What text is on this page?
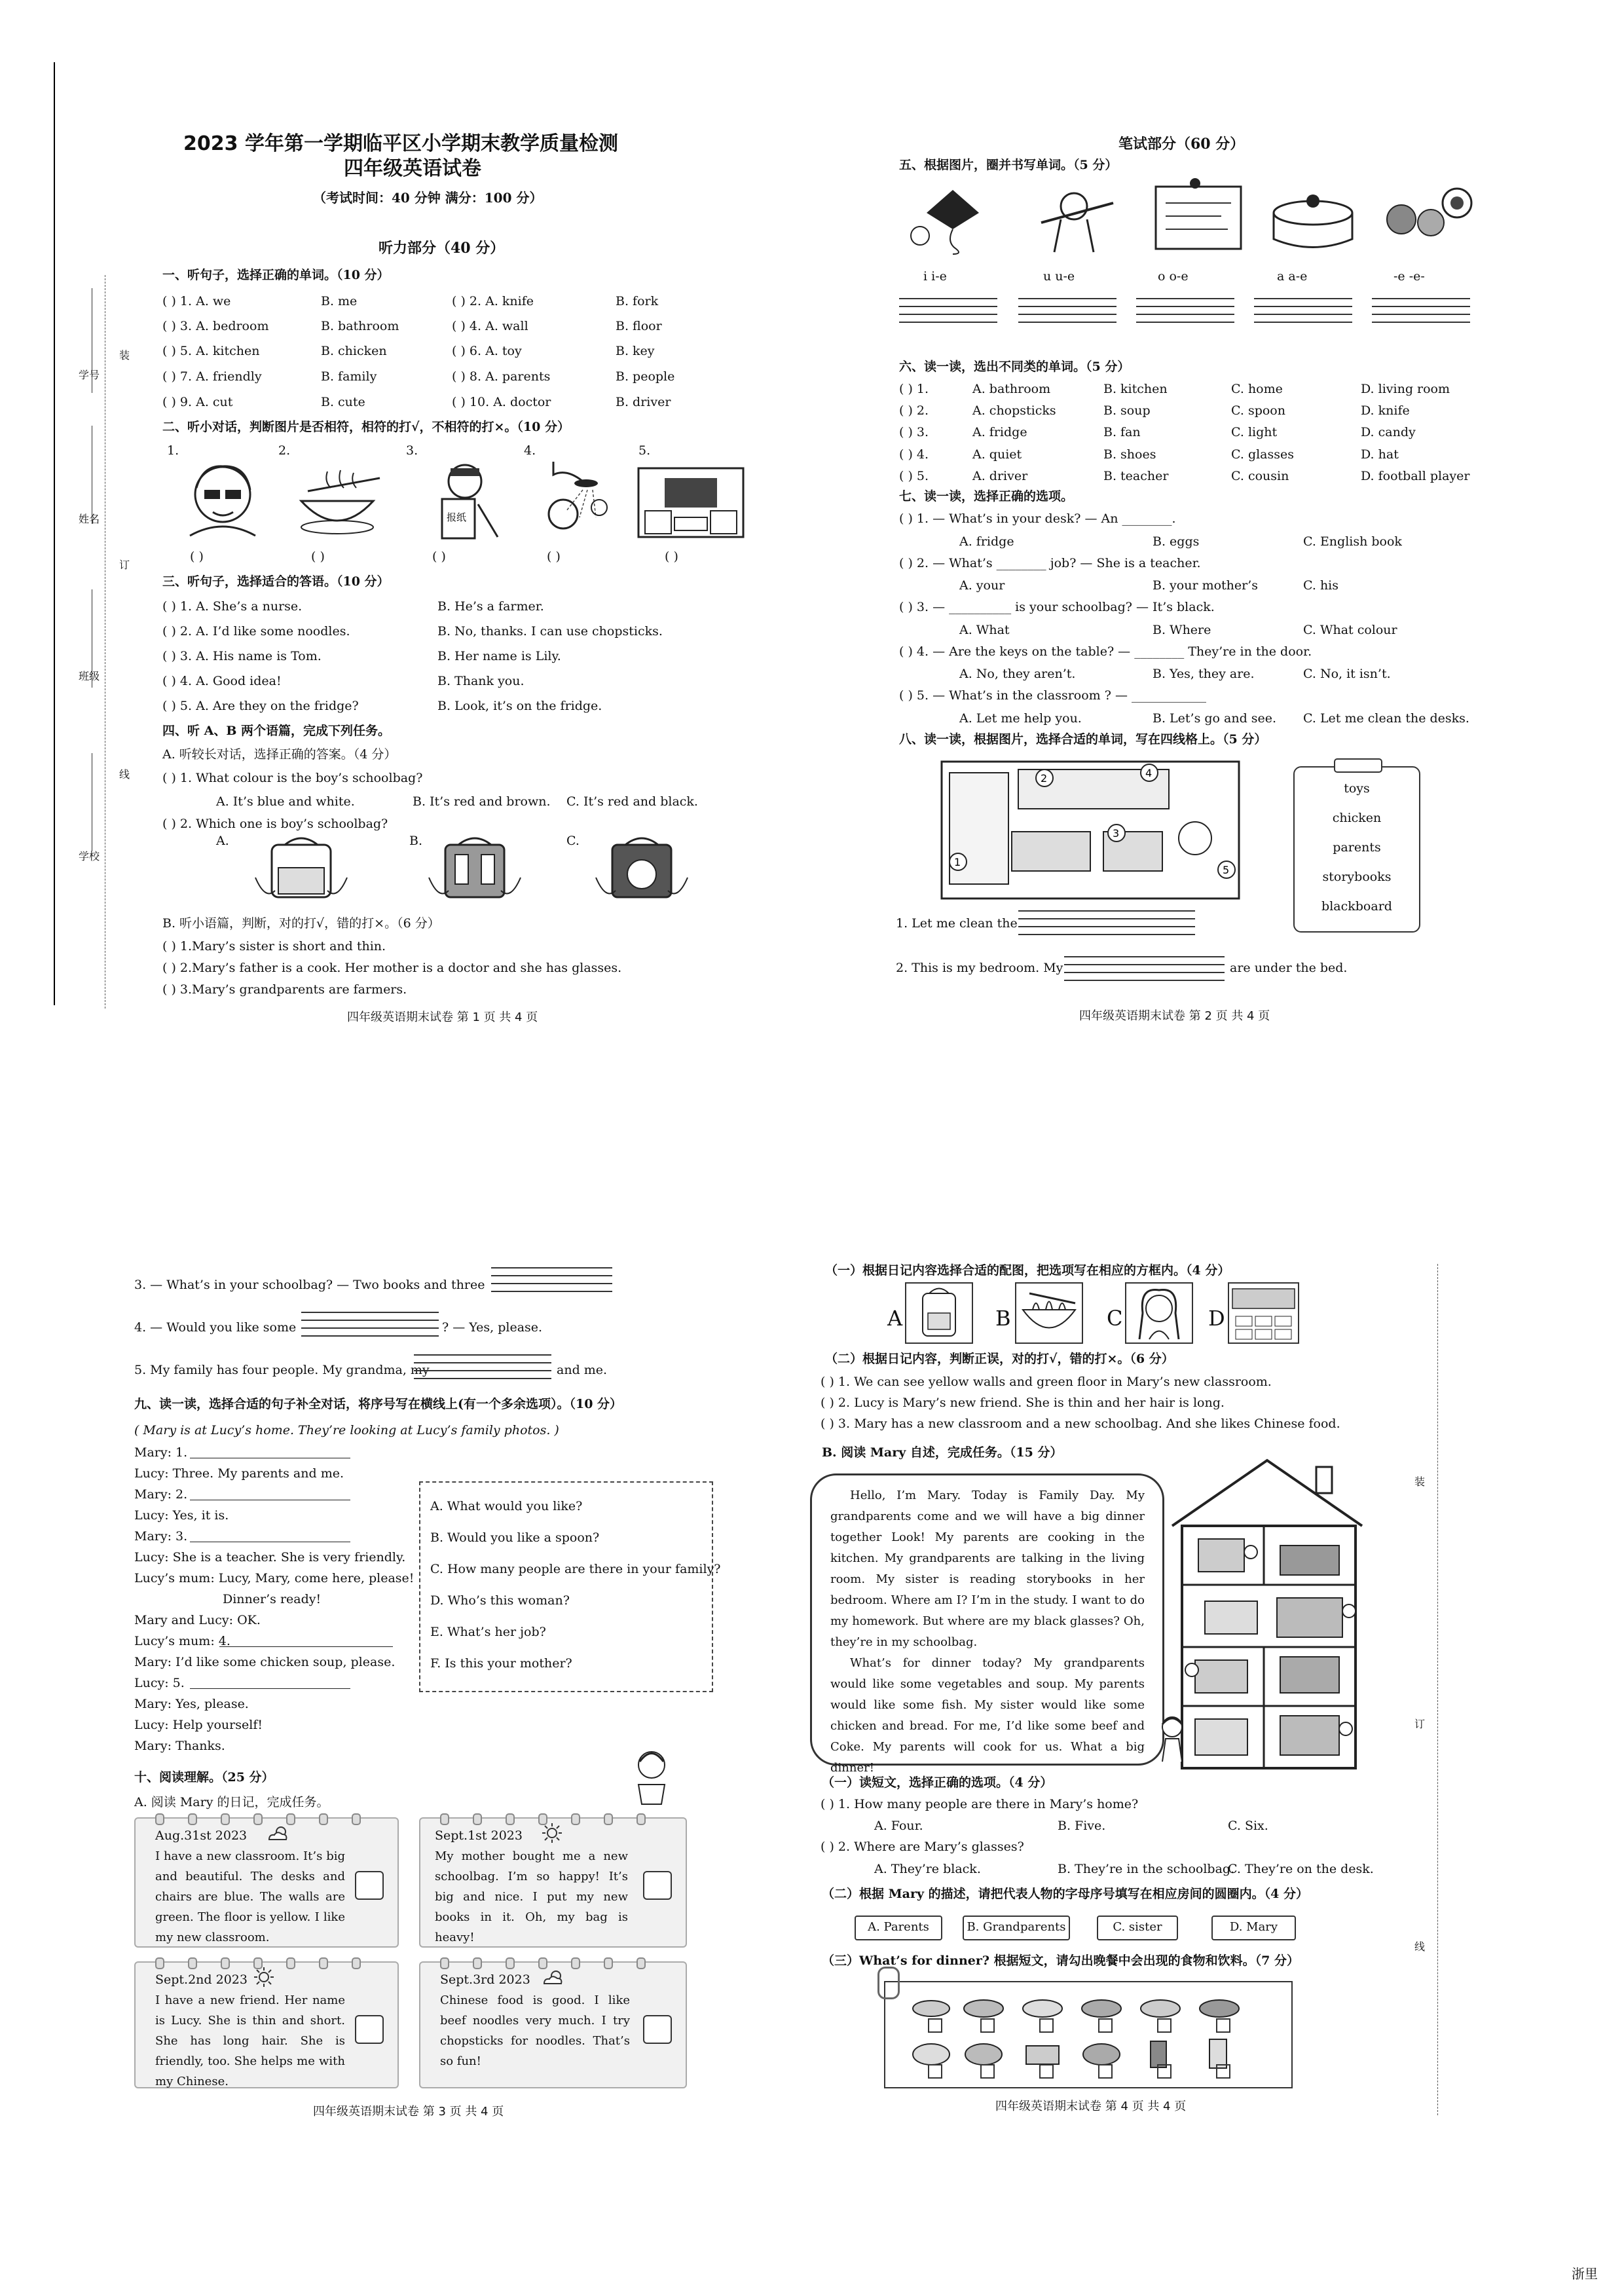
学号
装
姓名
订
班级
线
学校
2023 学年第一学期临平区小学期末教学质量检测
四年级英语试卷
（考试时间：40 分钟 满分：100 分）
听力部分（40 分）
一、听句子，选择正确的单词。（10 分）
( ) 1. A. we	B. me	( ) 2. A. knife	B. fork
( ) 3. A. bedroom	B. bathroom	( ) 4. A. wall	B. floor
( ) 5. A. kitchen	B. chicken	( ) 6. A. toy	B. key
( ) 7. A. friendly	B. family	( ) 8. A. parents	B. people
( ) 9. A. cut	B. cute	( ) 10. A. doctor	B. driver
二、听小对话，判断图片是否相符，相符的打√，不相符的打×。（10 分）
1.	2.	3.	4.	5.
报纸
( )	( )	( )	( )	( )
三、听句子，选择适合的答语。（10 分）
( ) 1. A. She’s a nurse.	B. He’s a farmer.
( ) 2. A. I’d like some noodles.	B. No, thanks. I can use chopsticks.
( ) 3. A. His name is Tom.	B. Her name is Lily.
( ) 4. A. Good idea!	B. Thank you.
( ) 5. A. Are they on the fridge?	B. Look, it’s on the fridge.
四、听 A、B 两个语篇，完成下列任务。
A. 听较长对话，选择正确的答案。（4 分）
( ) 1. What colour is the boy’s schoolbag?
A. It’s blue and white.	B. It’s red and brown. C. It’s red and black.
( ) 2. Which one is boy’s schoolbag?
A.	B.	C.
B. 听小语篇，判断，对的打√，错的打×。（6 分）
( ) 1.Mary’s sister is short and thin.
( ) 2.Mary’s father is a cook. Her mother is a doctor and she has glasses.
( ) 3.Mary’s grandparents are farmers.
四年级英语期末试卷 第 1 页 共 4 页
笔试部分（60 分）
五、根据图片，圈并书写单词。（5 分）
i i-e	u u-e	o o-e	a a-e	-e -e-
六、读一读，选出不同类的单词。（5 分）
( ) 1.	A. bathroom	B. kitchen	C. home	D. living room
( ) 2.	A. chopsticks	B. soup	C. spoon	D. knife
( ) 3.	A. fridge	B. fan	C. light	D. candy
( ) 4.	A. quiet	B. shoes	C. glasses	D. hat
( ) 5.	A. driver	B. teacher	C. cousin	D. football player
七、读一读，选择正确的选项。
( ) 1. — What’s in your desk? — An ________.
A. fridge	B. eggs	C. English book
( ) 2. — What’s ________ job? — She is a teacher.
A. your	B. your mother’s	C. his
( ) 3. — __________ is your schoolbag? — It’s black.
A. What	B. Where	C. What colour
( ) 4. — Are the keys on the table? — ________ They’re in the door.
A. No, they aren’t.	B. Yes, they are.	C. No, it isn’t.
( ) 5. — What’s in the classroom ? — ____________
A. Let me help you.	B. Let’s go and see. C. Let me clean the desks.
八、读一读，根据图片，选择合适的单词，写在四线格上。（5 分）
1
2
3
4
5
toys
chicken
parents
storybooks
blackboard
1. Let me clean the
2. This is my bedroom. My	are under the bed.
四年级英语期末试卷 第 2 页 共 4 页
3. — What’s in your schoolbag? — Two books and three
4. — Would you like some	? — Yes, please.
5. My family has four people. My grandma, my	and me.
九、读一读，选择合适的句子补全对话，将序号写在横线上(有一个多余选项）。（10 分）
( Mary is at Lucy’s home. They’re looking at Lucy’s family photos. )
Mary: 1.
Lucy: Three. My parents and me.
Mary: 2.
Lucy: Yes, it is.
Mary: 3.
Lucy: She is a teacher. She is very friendly.
Lucy’s mum: Lucy, Mary, come here, please!
Dinner’s ready!
Mary and Lucy: OK.
Lucy’s mum: 4.
Mary: I’d like some chicken soup, please.
Lucy: 5.
Mary: Yes, please.
Lucy: Help yourself!
Mary: Thanks.
A. What would you like?
B. Would you like a spoon?
C. How many people are there in your family?
D. Who’s this woman?
E. What’s her job?
F. Is this your mother?
十、阅读理解。（25 分）
A. 阅读 Mary 的日记，完成任务。
Aug.31st 2023
I have a new classroom. It’s big and beautiful. The desks and chairs are blue. The walls are green. The floor is yellow. I like my new classroom.
Sept.1st 2023
My mother bought me a new schoolbag. I’m so happy! It’s big and nice. I put my new books in it. Oh, my bag is heavy!
Sept.2nd 2023
I have a new friend. Her name is Lucy. She is thin and short. She has long hair. She is friendly, too. She helps me with my Chinese.
Sept.3rd 2023
Chinese food is good. I like beef noodles very much. I try chopsticks for noodles. That’s so fun!
四年级英语期末试卷 第 3 页 共 4 页
（一）根据日记内容选择合适的配图，把选项写在相应的方框内。（4 分）
A	B	C	D
（二）根据日记内容，判断正误，对的打√，错的打×。（6 分）
( ) 1. We can see yellow walls and green floor in Mary’s new classroom.
( ) 2. Lucy is Mary’s new friend. She is thin and her hair is long.
( ) 3. Mary has a new classroom and a new schoolbag. And she likes Chinese food.
B. 阅读 Mary 自述，完成任务。（15 分）
Hello, I’m Mary. Today is Family Day. My grandparents come and we will have a big dinner together Look! My parents are cooking in the kitchen. My grandparents are talking in the living room. My sister is reading storybooks in her bedroom. Where am I? I’m in the study. I want to do my homework. But where are my black glasses? Oh, they’re in my schoolbag.
What’s for dinner today? My grandparents would like some vegetables and soup. My parents would like some fish. My sister would like some chicken and bread. For me, I’d like some beef and Coke. My parents will cook for us. What a big dinner!
（一）读短文，选择正确的选项。（4 分）
( ) 1. How many people are there in Mary’s home?
A. Four.	B. Five.	C. Six.
( ) 2. Where are Mary’s glasses?
A. They’re black.	B. They’re in the schoolbag.
C. They’re on the desk.
（二）根据 Mary 的描述，请把代表人物的字母序号填写在相应房间的圆圈内。（4 分）
A. Parents	B. Grandparents	C. sister	D. Mary
（三）What’s for dinner? 根据短文，请勾出晚餐中会出现的食物和饮料。（7 分）
四年级英语期末试卷 第 4 页 共 4 页
装
订
线
浙里
